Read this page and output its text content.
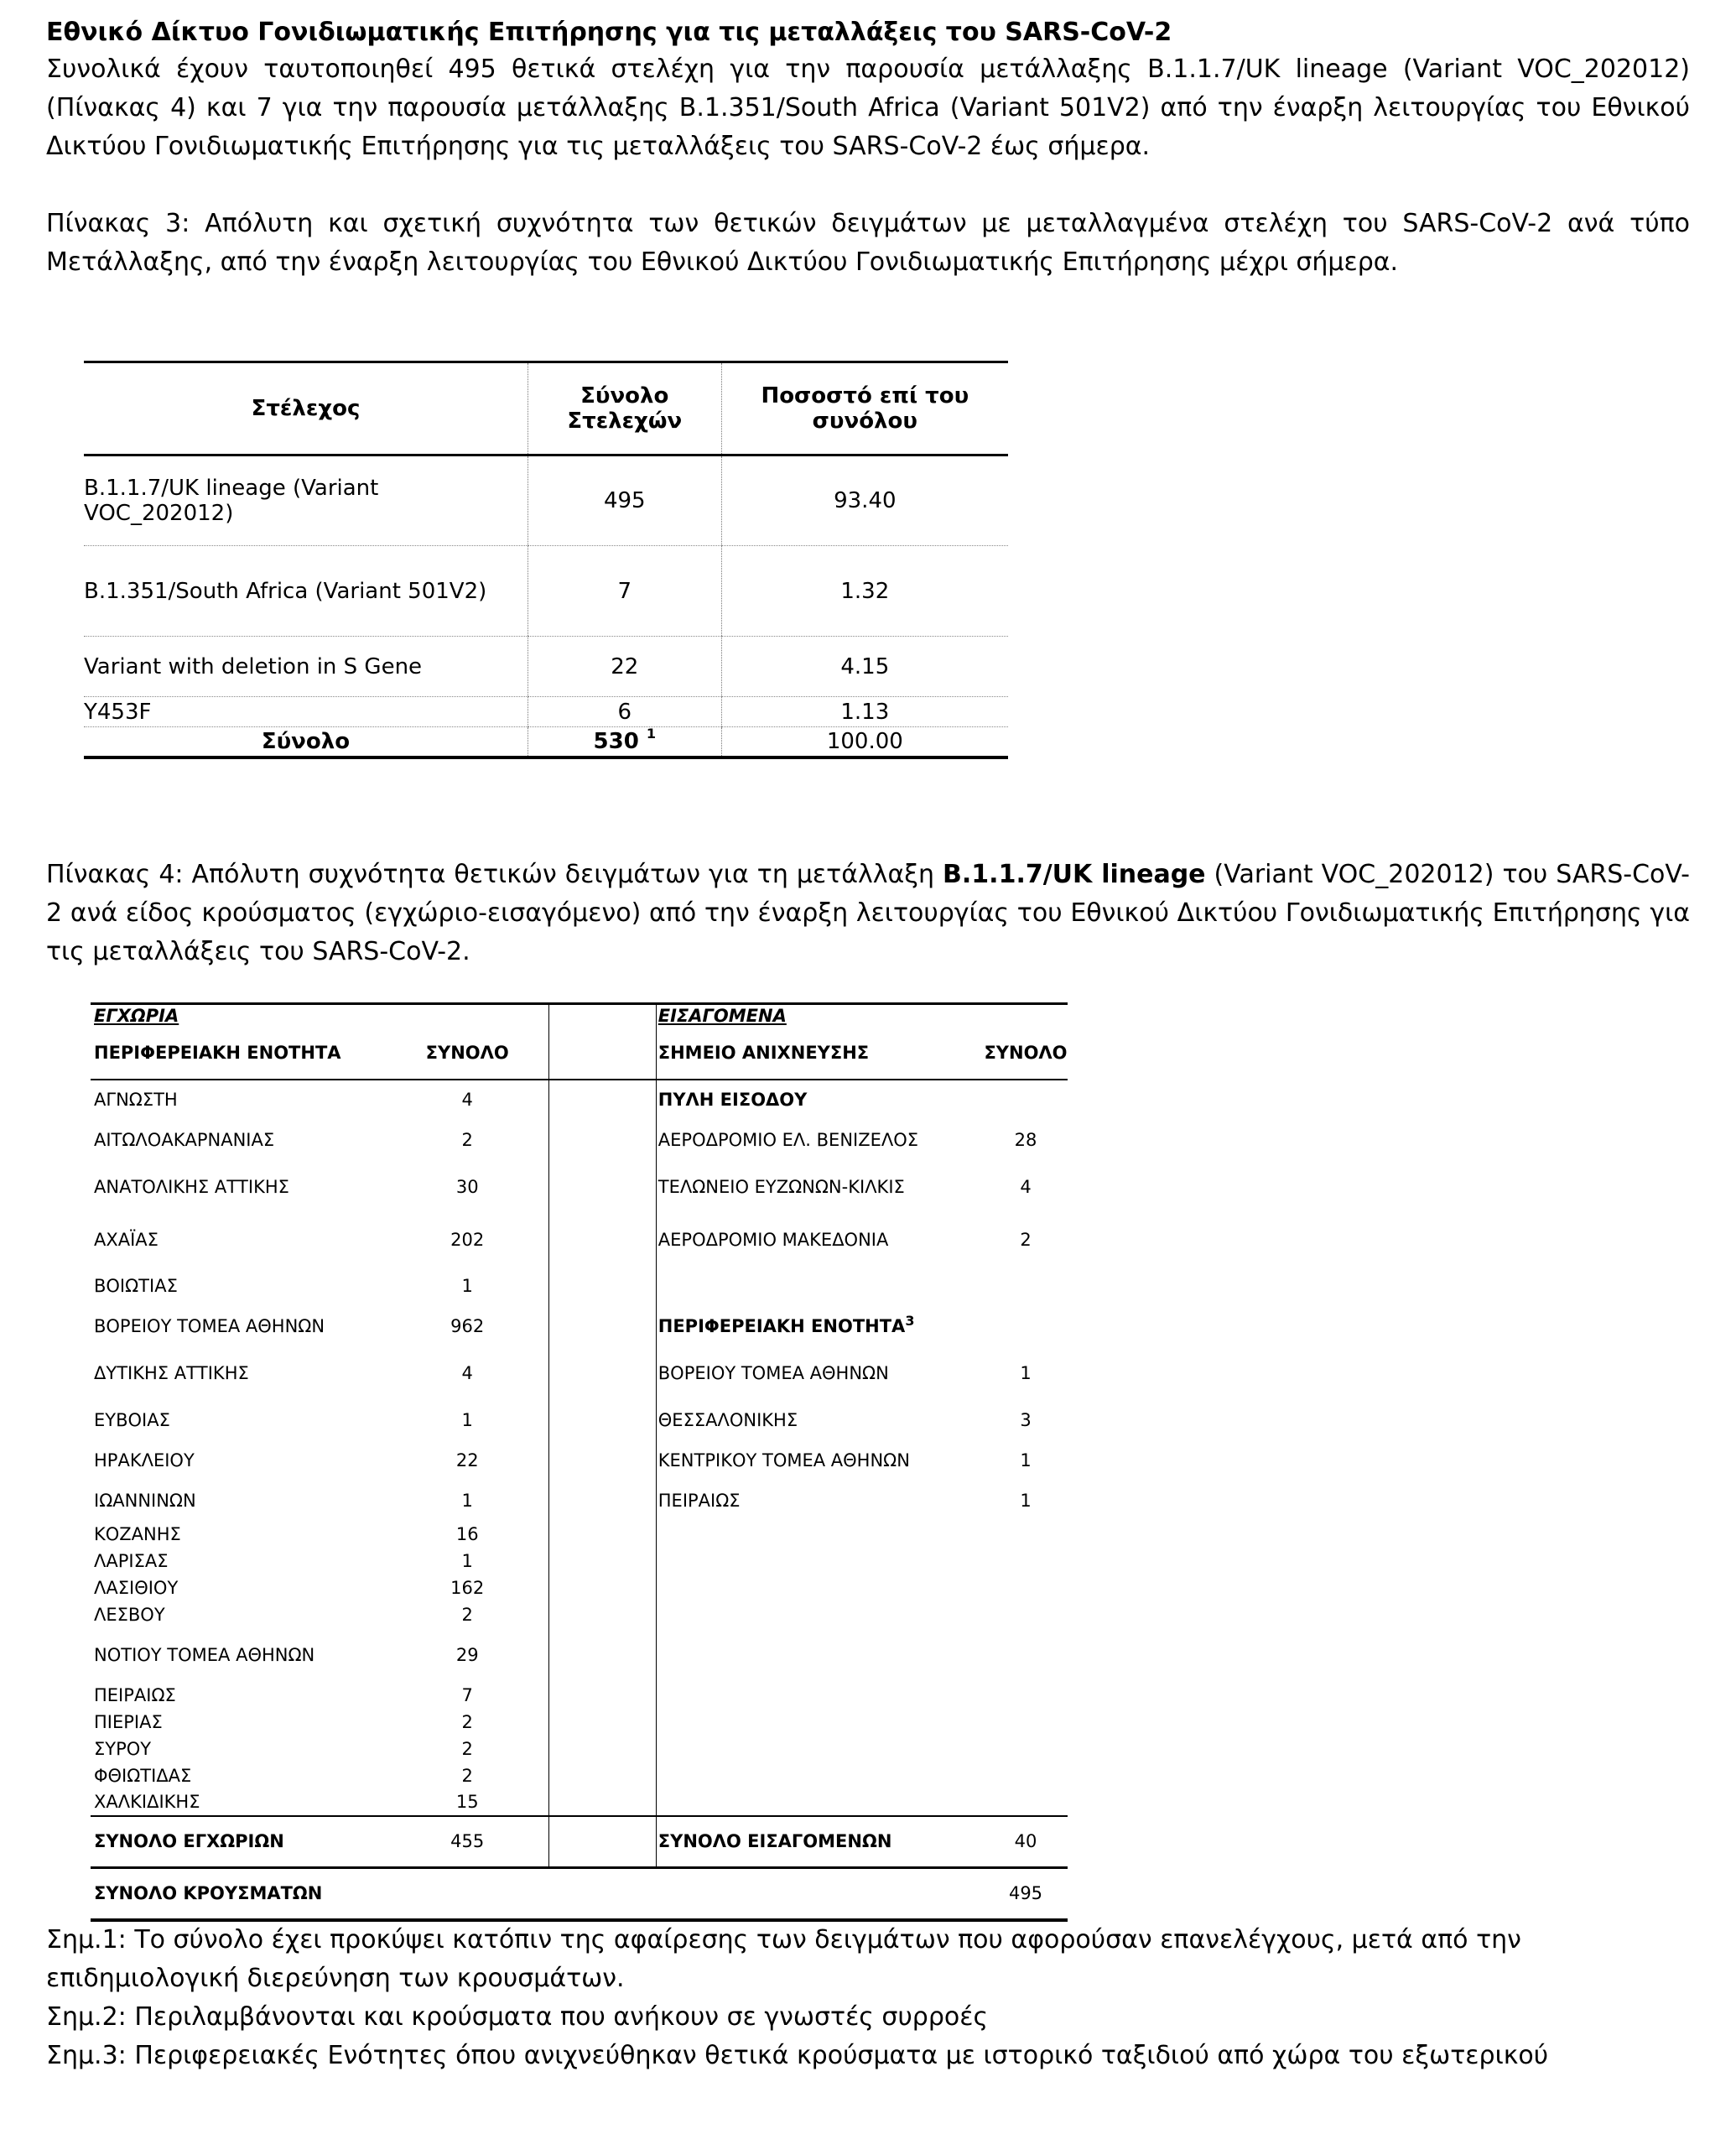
Εθνικό Δίκτυο Γονιδιωματικής Επιτήρησης για τις μεταλλάξεις του SARS-CoV-2

Συνολικά έχουν ταυτοποιηθεί 495 θετικά στελέχη για την παρουσία μετάλλαξης B.1.1.7/UK lineage (Variant VOC_202012) (Πίνακας 4) και 7 για την παρουσία μετάλλαξης B.1.351/South Africa (Variant 501V2) από την έναρξη λειτουργίας του Εθνικού Δικτύου Γονιδιωματικής Επιτήρησης για τις μεταλλάξεις του SARS-CoV-2 έως σήμερα.

Πίνακας 3: Απόλυτη και σχετική συχνότητα των θετικών δειγμάτων με μεταλλαγμένα στελέχη του SARS-CoV-2 ανά τύπο Μετάλλαξης, από την έναρξη λειτουργίας του Εθνικού Δικτύου Γονιδιωματικής Επιτήρησης μέχρι σήμερα.

Στέλεχος	Σύνολο Στελεχών	Ποσοστό επί του συνόλου
B.1.1.7/UK lineage (Variant VOC_202012)	495	93.40
B.1.351/South Africa (Variant 501V2)	7	1.32
Variant with deletion in S Gene	22	4.15
Y453F	6	1.13
Σύνολο	530 $^1$	100.00

Πίνακας 4: Απόλυτη συχνότητα θετικών δειγμάτων για τη μετάλλαξη B.1.1.7/UK lineage (Variant VOC_202012) του SARS-CoV-2 ανά είδος κρούσματος (εγχώριο-εισαγόμενο) από την έναρξη λειτουργίας του Εθνικού Δικτύου Γονιδιωματικής Επιτήρησης για τις μεταλλάξεις του SARS-CoV-2.

ΕΓΧΩΡΙΑ			ΕΙΣΑΓΟΜΕΝΑ	
ΠΕΡΙΦΕΡΕΙΑΚΗ ΕΝΟΤΗΤΑ	ΣΥΝΟΛΟ		ΣΗΜΕΙΟ ΑΝΙΧΝΕΥΣΗΣ	ΣΥΝΟΛΟ
ΑΓΝΩΣΤΗ	4		ΠΥΛΗ ΕΙΣΟΔΟΥ	
ΑΙΤΩΛΟΑΚΑΡΝΑΝΙΑΣ	2		ΑΕΡΟΔΡΟΜΙΟ ΕΛ. ΒΕΝΙΖΕΛΟΣ	28
ΑΝΑΤΟΛΙΚΗΣ ΑΤΤΙΚΗΣ	30		ΤΕΛΩΝΕΙΟ ΕΥΖΩΝΩΝ-ΚΙΛΚΙΣ	4
ΑΧΑΪΑΣ	202		ΑΕΡΟΔΡΟΜΙΟ ΜΑΚΕΔΟΝΙΑ	2
ΒΟΙΩΤΙΑΣ	1			
ΒΟΡΕΙΟΥ ΤΟΜΕΑ ΑΘΗΝΩΝ	962		ΠΕΡΙΦΕΡΕΙΑΚΗ ΕΝΟΤΗΤΑ$^3$	
ΔΥΤΙΚΗΣ ΑΤΤΙΚΗΣ	4		ΒΟΡΕΙΟΥ ΤΟΜΕΑ ΑΘΗΝΩΝ	1
ΕΥΒΟΙΑΣ	1		ΘΕΣΣΑΛΟΝΙΚΗΣ	3
ΗΡΑΚΛΕΙΟΥ	22		ΚΕΝΤΡΙΚΟΥ ΤΟΜΕΑ ΑΘΗΝΩΝ	1
ΙΩΑΝΝΙΝΩΝ	1		ΠΕΙΡΑΙΩΣ	1
ΚΟΖΑΝΗΣ	16			
ΛΑΡΙΣΑΣ	1			
ΛΑΣΙΘΙΟΥ	162			
ΛΕΣΒΟΥ	2			
ΝΟΤΙΟΥ ΤΟΜΕΑ ΑΘΗΝΩΝ	29			
ΠΕΙΡΑΙΩΣ	7			
ΠΙΕΡΙΑΣ	2			
ΣΥΡΟΥ	2			
ΦΘΙΩΤΙΔΑΣ	2			
ΧΑΛΚΙΔΙΚΗΣ	15			
ΣΥΝΟΛΟ ΕΓΧΩΡΙΩΝ	455		ΣΥΝΟΛΟ ΕΙΣΑΓΟΜΕΝΩΝ	40
ΣΥΝΟΛΟ ΚΡΟΥΣΜΑΤΩΝ				495

Σημ.1: Το σύνολο έχει προκύψει κατόπιν της αφαίρεσης των δειγμάτων που αφορούσαν επανελέγχους, μετά από την επιδημιολογική διερεύνηση των κρουσμάτων.

Σημ.2: Περιλαμβάνονται και κρούσματα που ανήκουν σε γνωστές συρροές

Σημ.3: Περιφερειακές Ενότητες όπου ανιχνεύθηκαν θετικά κρούσματα με ιστορικό ταξιδιού από χώρα του εξωτερικού
